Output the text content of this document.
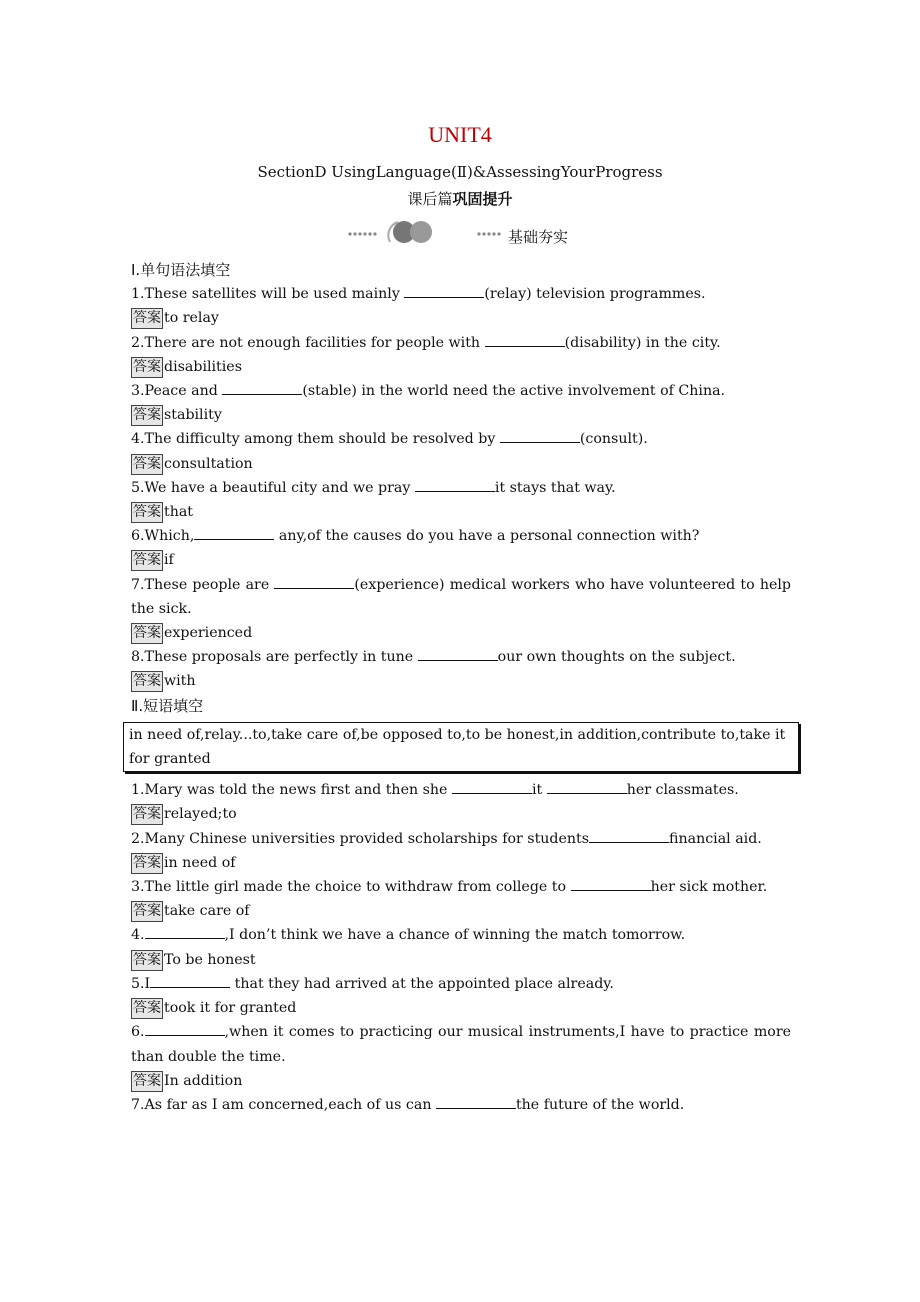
UNIT4
SectionD UsingLanguage(Ⅱ)&AssessingYourProgress
课后篇巩固提升
基础夯实
Ⅰ.单句语法填空
1.These satellites will be used mainly	(relay) television programmes.
答案 to relay
2.There are not enough facilities for people with	(disability) in the city.
答案 disabilities
3.Peace and	(stable) in the world need the active involvement of China.
答案 stability
4.The difficulty among them should be resolved by	(consult).
答案 consultation
5.We have a beautiful city and we pray	it stays that way.
答案 that
6.Which,	any,of the causes do you have a personal connection with?
答案 if
7.These people are	(experience) medical workers who have volunteered to help the sick.
答案 experienced
8.These proposals are perfectly in tune	our own thoughts on the subject.
答案 with
Ⅱ.短语填空
in need of,relay...to,take care of,be opposed to,to be honest,in addition,contribute to,take it for granted
1.Mary was told the news first and then she	it	her classmates.
答案 relayed;to
2.Many Chinese universities provided scholarships for students	financial aid.
答案 in need of
3.The little girl made the choice to withdraw from college to	her sick mother.
答案 take care of
4.	,I don’t think we have a chance of winning the match tomorrow.
答案 To be honest
5.I	that they had arrived at the appointed place already.
答案 took it for granted
6.	,when it comes to practicing our musical instruments,I have to practice more than double the time.
答案 In addition
7.As far as I am concerned,each of us can	the future of the world.
